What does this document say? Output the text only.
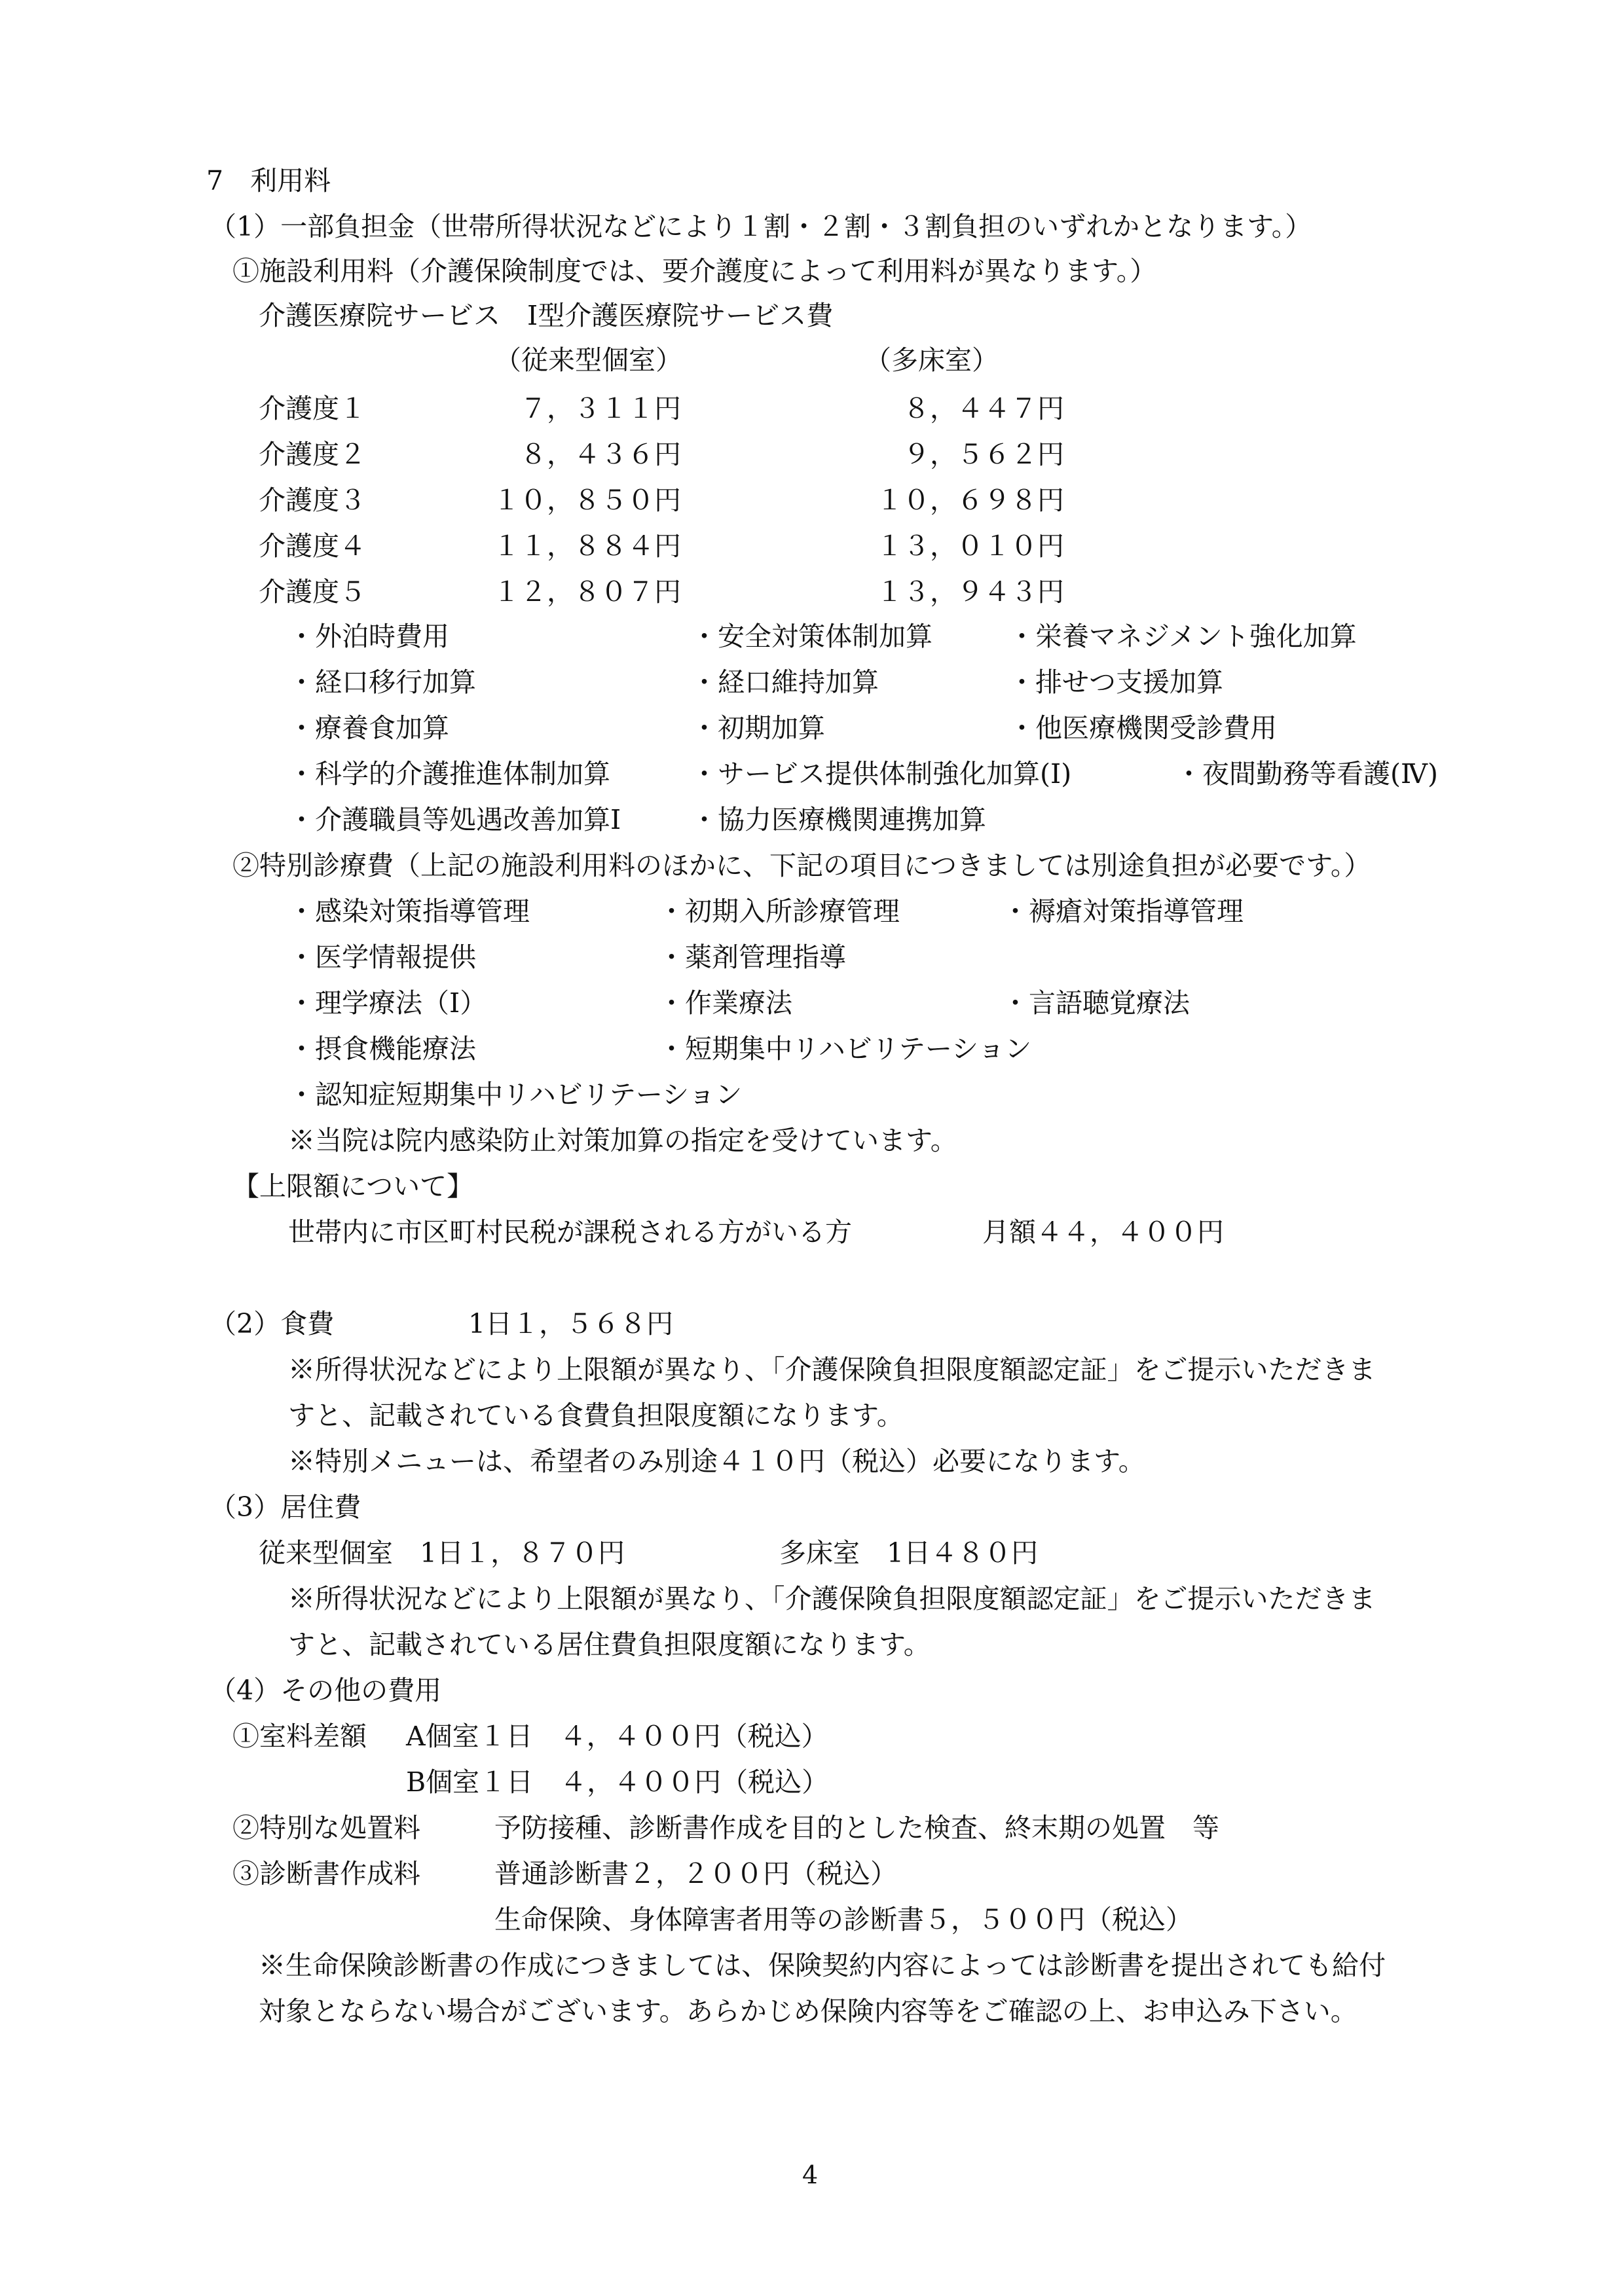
7　利用料
（1）一部負担金（世帯所得状況などにより１割・２割・３割負担のいずれかとなります。）
①施設利用料（介護保険制度では、要介護度によって利用料が異なります。）
介護医療院サービス　Ⅰ型介護医療院サービス費
（従来型個室）	（多床室）
介護度１	７，３１１円	８，４４７円
介護度２	８，４３６円	９，５６２円
介護度３	１０，８５０円	１０，６９８円
介護度４	１１，８８４円	１３，０１０円
介護度５	１２，８０７円	１３，９４３円
・外泊時費用	・安全対策体制加算	・栄養マネジメント強化加算
・経口移行加算	・経口維持加算	・排せつ支援加算
・療養食加算	・初期加算	・他医療機関受診費用
・科学的介護推進体制加算	・サービス提供体制強化加算(Ⅰ)	・夜間勤務等看護(Ⅳ)
・介護職員等処遇改善加算Ⅰ	・協力医療機関連携加算
②特別診療費（上記の施設利用料のほかに、下記の項目につきましては別途負担が必要です。）
・感染対策指導管理	・初期入所診療管理	・褥瘡対策指導管理
・医学情報提供	・薬剤管理指導
・理学療法（Ⅰ）	・作業療法	・言語聴覚療法
・摂食機能療法	・短期集中リハビリテーション
・認知症短期集中リハビリテーション
※当院は院内感染防止対策加算の指定を受けています。
【上限額について】
世帯内に市区町村民税が課税される方がいる方	月額４４，４００円
（2）食費	1日１，５６８円
※所得状況などにより上限額が異なり、「介護保険負担限度額認定証」をご提示いただきま
すと、記載されている食費負担限度額になります。
※特別メニューは、希望者のみ別途４１０円（税込）必要になります。
（3）居住費
従来型個室　1日１，８７０円	多床室　1日４８０円
※所得状況などにより上限額が異なり、「介護保険負担限度額認定証」をご提示いただきま
すと、記載されている居住費負担限度額になります。
（4）その他の費用
①室料差額 A個室１日　４，４００円（税込）
B個室１日　４，４００円（税込）
②特別な処置料	予防接種、診断書作成を目的とした検査、終末期の処置　等
③診断書作成料	普通診断書２，２００円（税込）
生命保険、身体障害者用等の診断書５，５００円（税込）
※生命保険診断書の作成につきましては、保険契約内容によっては診断書を提出されても給付
対象とならない場合がございます。あらかじめ保険内容等をご確認の上、お申込み下さい。
4
